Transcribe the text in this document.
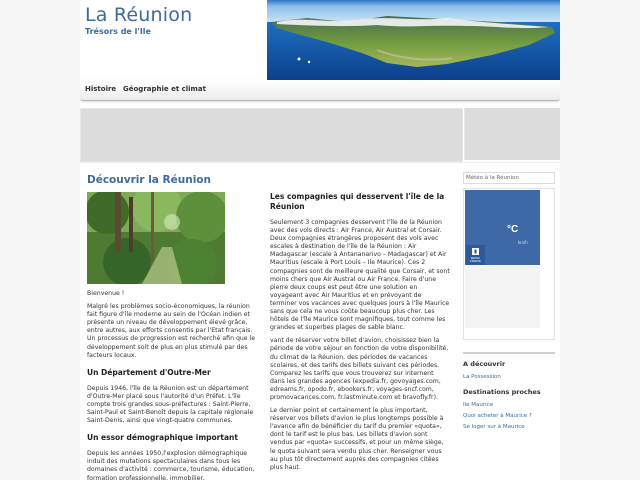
La Réunion
Trésors de l'Ile
Histoire Géographie et climat
Découvrir la Réunion
Bienvenue !
Malgré les problèmes socio-économiques, la réunion fait figure d'île moderne au sein de l'Océan indien et présente un niveau de développement élevé grâce, entre autres, aux efforts consentis par l'Etat français. Un processus de progression est recherché afin que le développement soit de plus en plus stimulé par des facteurs locaux.
Un Département d'Outre-Mer
Depuis 1946, l'île de la Réunion est un département d'Outre-Mer placé sous l'autorité d'un Préfet. L'île compte trois grandes sous-préfectures : Saint-Pierre, Saint-Paul et Saint-Benoît depuis la capitale régionale Saint-Denis, ainsi que vingt-quatre communes.
Un essor démographique important
Depuis les années 1950,l'explosion démographique induit des mutations spectaculaires dans tous les domaines d'activité : commerce, tourisme, éducation, formation professionnelle, immobilier,
Les compagnies qui desservent l'île de la Réunion
Seulement 3 compagnies desservent l'île de la Réunion avec des vols directs : Air France, Air Austral et Corsair. Deux compagnies étrangères proposent des vols avec escales à destination de l'île de la Réunion : Air Madagascar (escale à Antananarivo – Madagascar) et Air Mauritius (escale à Port Louis – Ile Maurice). Ces 2 compagnies sont de meilleure qualité que Corsair, et sont moins chers que Air Austral ou Air France. Faire d'une pierre deux coups est peut être une solution en voyageant avec Air Mauritius et en prévoyant de terminer vos vacances avec quelques jours à l'île Maurice sans que cela ne vous coûte beaucoup plus cher. Les hôtels de l'île Maurice sont magnifiques, tout comme les grandes et superbes plages de sable blanc.
vant de réserver votre billet d'avion, choisissez bien la période de votre séjour en fonction de votre disponibilité, du climat de la Réunion, des périodes de vacances scolaires, et des tarifs des billets suivant ces périodes. Comparez les tarifs que vous trouverez sur internent dans les grandes agences (expedia.fr, govoyages.com, edreams.fr, opodo.fr, ebookers.fr, voyages-sncf.com, promovacances.com, fr.lastminute.com et bravofly.fr).
Le dernier point et certainement le plus important, réserver vos billets d'avion le plus longtemps possible à l'avance afin de bénéficier du tarif du premier «quota», dont le tarif est le plus bas. Les billets d'avion sont vendus par «quota» successifs, et pour un même siège, le quota suivant sera vendu plus cher. Renseigner vous au plus tôt directement auprès des compagnies citées plus haut.
Météo à la Réunion
°C
km/h
METEO
FRANCE
A découvrir
La Possession
Destinations proches
Ile Maurice
Quoi acheter à Maurice ?
Se loger sur à Maurice
